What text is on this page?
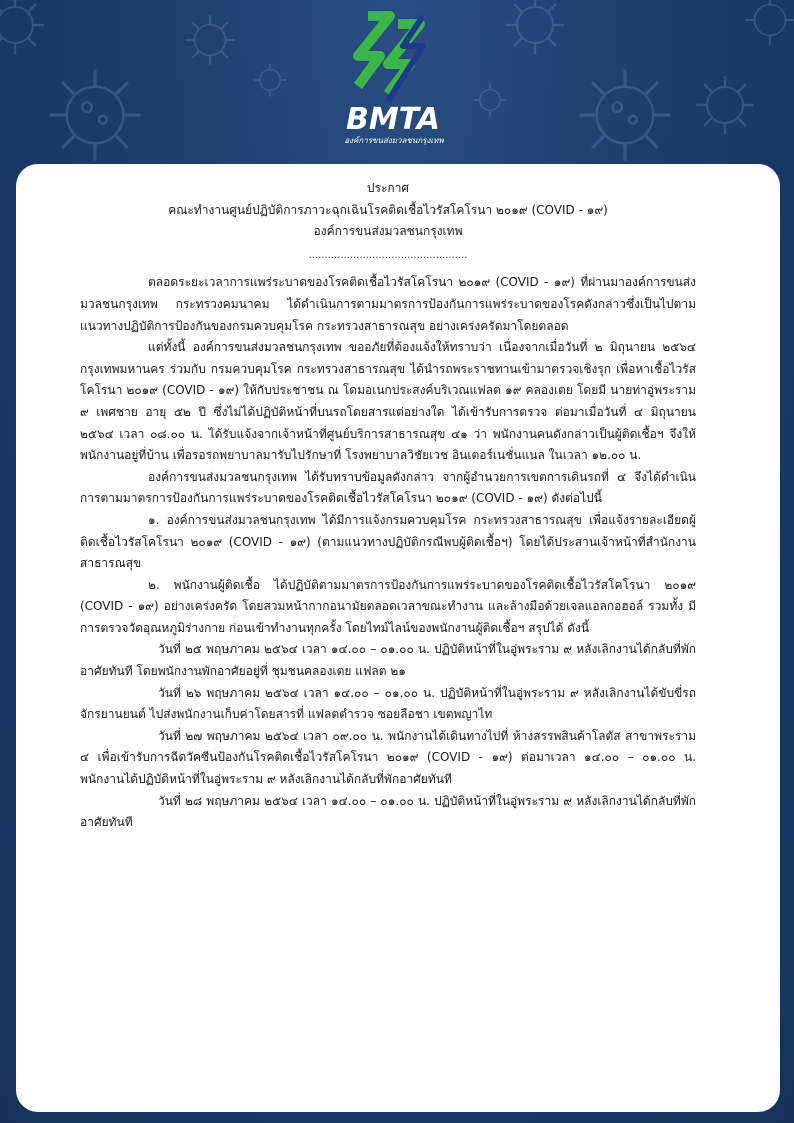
BMTA
องค์การขนส่งมวลชนกรุงเทพ
ประกาศ
คณะทำงานศูนย์ปฏิบัติการภาวะฉุกเฉินโรคติดเชื้อไวรัสโคโรนา ๒๐๑๙ (COVID - ๑๙)
องค์การขนส่งมวลชนกรุงเทพ
..................................................

ตลอดระยะเวลาการแพร่ระบาดของโรคติดเชื้อไวรัสโคโรนา ๒๐๑๙ (COVID - ๑๙) ที่ผ่านมาองค์การขนส่งมวลชนกรุงเทพ กระทรวงคมนาคม ได้ดำเนินการตามมาตรการป้องกันการแพร่ระบาดของโรคดังกล่าวซึ่งเป็นไปตามแนวทางปฏิบัติการป้องกันของกรมควบคุมโรค กระทรวงสาธารณสุข อย่างเคร่งครัดมาโดยตลอด

แต่ทั้งนี้ องค์การขนส่งมวลชนกรุงเทพ ขออภัยที่ต้องแจ้งให้ทราบว่า เนื่องจากเมื่อวันที่ ๒ มิถุนายน ๒๕๖๔ กรุงเทพมหานคร ร่วมกับ กรมควบคุมโรค กระทรวงสาธารณสุข ได้นำรถพระราชทานเข้ามาตรวจเชิงรุก เพื่อหาเชื้อไวรัสโคโรนา ๒๐๑๙ (COVID - ๑๙) ให้กับประชาชน ณ โดมอเนกประสงค์บริเวณแฟลต ๑๙ คลองเตย โดยมี นายท่าอู่พระราม ๙ เพศชาย อายุ ๕๒ ปี ซึ่งไม่ได้ปฏิบัติหน้าที่บนรถโดยสารแต่อย่างใด ได้เข้ารับการตรวจ ต่อมาเมื่อวันที่ ๔ มิถุนายน ๒๕๖๔ เวลา ๐๘.๐๐ น. ได้รับแจ้งจากเจ้าหน้าที่ศูนย์บริการสาธารณสุข ๔๑ ว่า พนักงานคนดังกล่าวเป็นผู้ติดเชื้อฯ จึงให้พนักงานอยู่ที่บ้าน เพื่อรอรถพยาบาลมารับไปรักษาที่ โรงพยาบาลวิชัยเวช อินเตอร์เนชั่นแนล ในเวลา ๑๒.๐๐ น.

องค์การขนส่งมวลชนกรุงเทพ ได้รับทราบข้อมูลดังกล่าว จากผู้อำนวยการเขตการเดินรถที่ ๔ จึงได้ดำเนินการตามมาตรการป้องกันการแพร่ระบาดของโรคติดเชื้อไวรัสโคโรนา ๒๐๑๙ (COVID - ๑๙) ดังต่อไปนี้

๑. องค์การขนส่งมวลชนกรุงเทพ ได้มีการแจ้งกรมควบคุมโรค กระทรวงสาธารณสุข เพื่อแจ้งรายละเอียดผู้ติดเชื้อไวรัสโคโรนา ๒๐๑๙ (COVID - ๑๙) (ตามแนวทางปฏิบัติกรณีพบผู้ติดเชื้อฯ) โดยได้ประสานเจ้าหน้าที่สำนักงานสาธารณสุข

๒. พนักงานผู้ติดเชื้อ ได้ปฏิบัติตามมาตรการป้องกันการแพร่ระบาดของโรคติดเชื้อไวรัสโคโรนา ๒๐๑๙ (COVID - ๑๙) อย่างเคร่งครัด โดยสวมหน้ากากอนามัยตลอดเวลาขณะทำงาน และล้างมือด้วยเจลแอลกอฮอล์ รวมทั้ง มีการตรวจวัดอุณหภูมิร่างกาย ก่อนเข้าทำงานทุกครั้ง โดยไทม์ไลน์ของพนักงานผู้ติดเชื้อฯ สรุปได้ ดังนี้

วันที่ ๒๕ พฤษภาคม ๒๕๖๔ เวลา ๑๔.๐๐ – ๐๑.๐๐ น. ปฏิบัติหน้าที่ในอู่พระราม ๙ หลังเลิกงานได้กลับที่พักอาศัยทันที โดยพนักงานพักอาศัยอยู่ที่ ชุมชนคลองเตย แฟลต ๒๑

วันที่ ๒๖ พฤษภาคม ๒๕๖๔ เวลา ๑๔.๐๐ – ๐๑.๐๐ น. ปฏิบัติหน้าที่ในอู่พระราม ๙ หลังเลิกงานได้ขับขี่รถจักรยานยนต์ ไปส่งพนักงานเก็บค่าโดยสารที่ แฟลตตำรวจ ซอยลือชา เขตพญาไท

วันที่ ๒๗ พฤษภาคม ๒๕๖๔ เวลา ๐๙.๐๐ น. พนักงานได้เดินทางไปที่ ห้างสรรพสินค้าโลตัส สาขาพระราม ๔ เพื่อเข้ารับการฉีดวัคซีนป้องกันโรคติดเชื้อไวรัสโคโรนา ๒๐๑๙ (COVID - ๑๙) ต่อมาเวลา ๑๔.๐๐ – ๐๑.๐๐ น. พนักงานได้ปฏิบัติหน้าที่ในอู่พระราม ๙ หลังเลิกงานได้กลับที่พักอาศัยทันที

วันที่ ๒๘ พฤษภาคม ๒๕๖๔ เวลา ๑๔.๐๐ – ๐๑.๐๐ น. ปฏิบัติหน้าที่ในอู่พระราม ๙ หลังเลิกงานได้กลับที่พักอาศัยทันที
